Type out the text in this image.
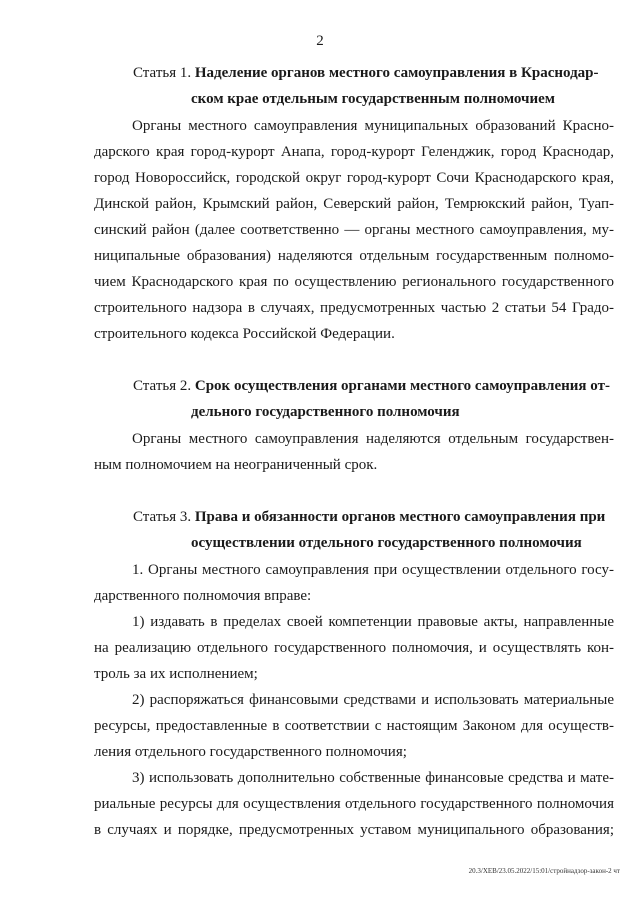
2
Статья 1. Наделение органов местного самоуправления в Краснодар-
ском крае отдельным государственным полномочием
Органы местного самоуправления муниципальных образований Красно-
дарского края город-курорт Анапа, город-курорт Геленджик, город Краснодар,
город Новороссийск, городской округ город-курорт Сочи Краснодарского края,
Динской район, Крымский район, Северский район, Темрюкский район, Туап-
синский район (далее соответственно — органы местного самоуправления, му-
ниципальные образования) наделяются отдельным государственным полномо-
чием Краснодарского края по осуществлению регионального государственного
строительного надзора в случаях, предусмотренных частью 2 статьи 54 Градо-
строительного кодекса Российской Федерации.
Статья 2. Срок осуществления органами местного самоуправления от-
дельного государственного полномочия
Органы местного самоуправления наделяются отдельным государствен-
ным полномочием на неограниченный срок.
Статья 3. Права и обязанности органов местного самоуправления при
осуществлении отдельного государственного полномочия
1. Органы местного самоуправления при осуществлении отдельного госу-
дарственного полномочия вправе:
1) издавать в пределах своей компетенции правовые акты, направленные
на реализацию отдельного государственного полномочия, и осуществлять кон-
троль за их исполнением;
2) распоряжаться финансовыми средствами и использовать материальные
ресурсы, предоставленные в соответствии с настоящим Законом для осуществ-
ления отдельного государственного полномочия;
3) использовать дополнительно собственные финансовые средства и мате-
риальные ресурсы для осуществления отдельного государственного полномочия
в случаях и порядке, предусмотренных уставом муниципального образования;
20.3/ХЕВ/23.05.2022/15:01/стройнадзор-закон-2 чт
